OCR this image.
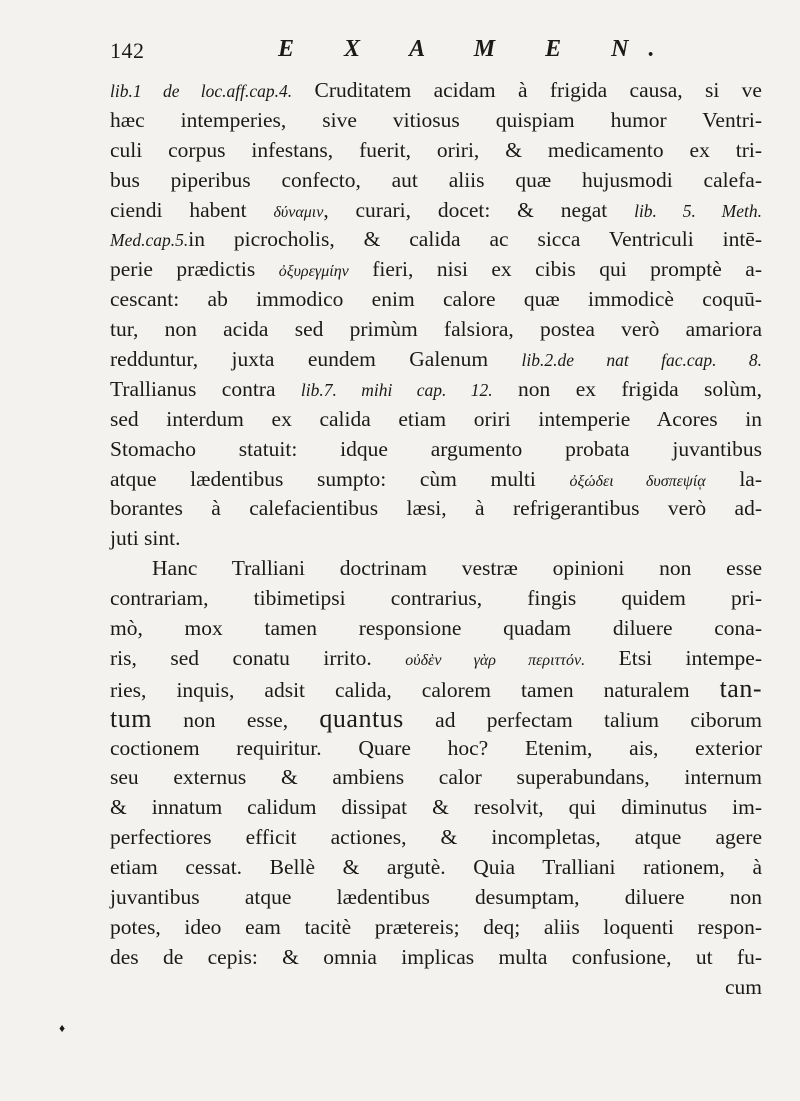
142	E X A M E N.
lib.1 de loc.aff.cap.4. Cruditatem acidam à frigida causa, si ve
hæc intemperies, sive vitiosus quispiam humor Ventri-
culi corpus infestans, fuerit, oriri, & medicamento ex tri-
bus piperibus confecto, aut aliis quæ hujusmodi calefa-
ciendi habent δύναμιν, curari, docet: & negat lib. 5. Meth.
Med.cap.5.in picrocholis, & calida ac sicca Ventriculi intē-
perie prædictis ὀξυρεγμίην fieri, nisi ex cibis qui promptè a-
cescant: ab immodico enim calore quæ immodicè coquū-
tur, non acida sed primùm falsiora, postea verò amariora
redduntur, juxta eundem Galenum lib.2.de nat fac.cap. 8.
Trallianus contra lib.7. mihi cap. 12. non ex frigida solùm,
sed interdum ex calida etiam oriri intemperie Acores in
Stomacho statuit: idque argumento probata juvantibus
atque lædentibus sumpto: cùm multi ὀξώδει δυσπεψίᾳ la-
borantes à calefacientibus læsi, à refrigerantibus verò ad-
juti sint.
Hanc Tralliani doctrinam vestræ opinioni non esse
contrariam, tibimetipsi contrarius, fingis quidem pri-
mò, mox tamen responsione quadam diluere cona-
ris, sed conatu irrito. οὐδὲν γὰρ περιττόν. Etsi intempe-
ries, inquis, adsit calida, calorem tamen naturalem tan-
tum non esse, quantus ad perfectam talium ciborum
coctionem requiritur. Quare hoc? Etenim, ais, exterior
seu externus & ambiens calor superabundans, internum
& innatum calidum dissipat & resolvit, qui diminutus im-
perfectiores efficit actiones, & incompletas, atque agere
etiam cessat. Bellè & argutè. Quia Tralliani rationem, à
juvantibus atque lædentibus desumptam, diluere non
potes, ideo eam tacitè prætereis; deq; aliis loquenti respon-
des de cepis: & omnia implicas multa confusione, ut fu-
cum
♦
